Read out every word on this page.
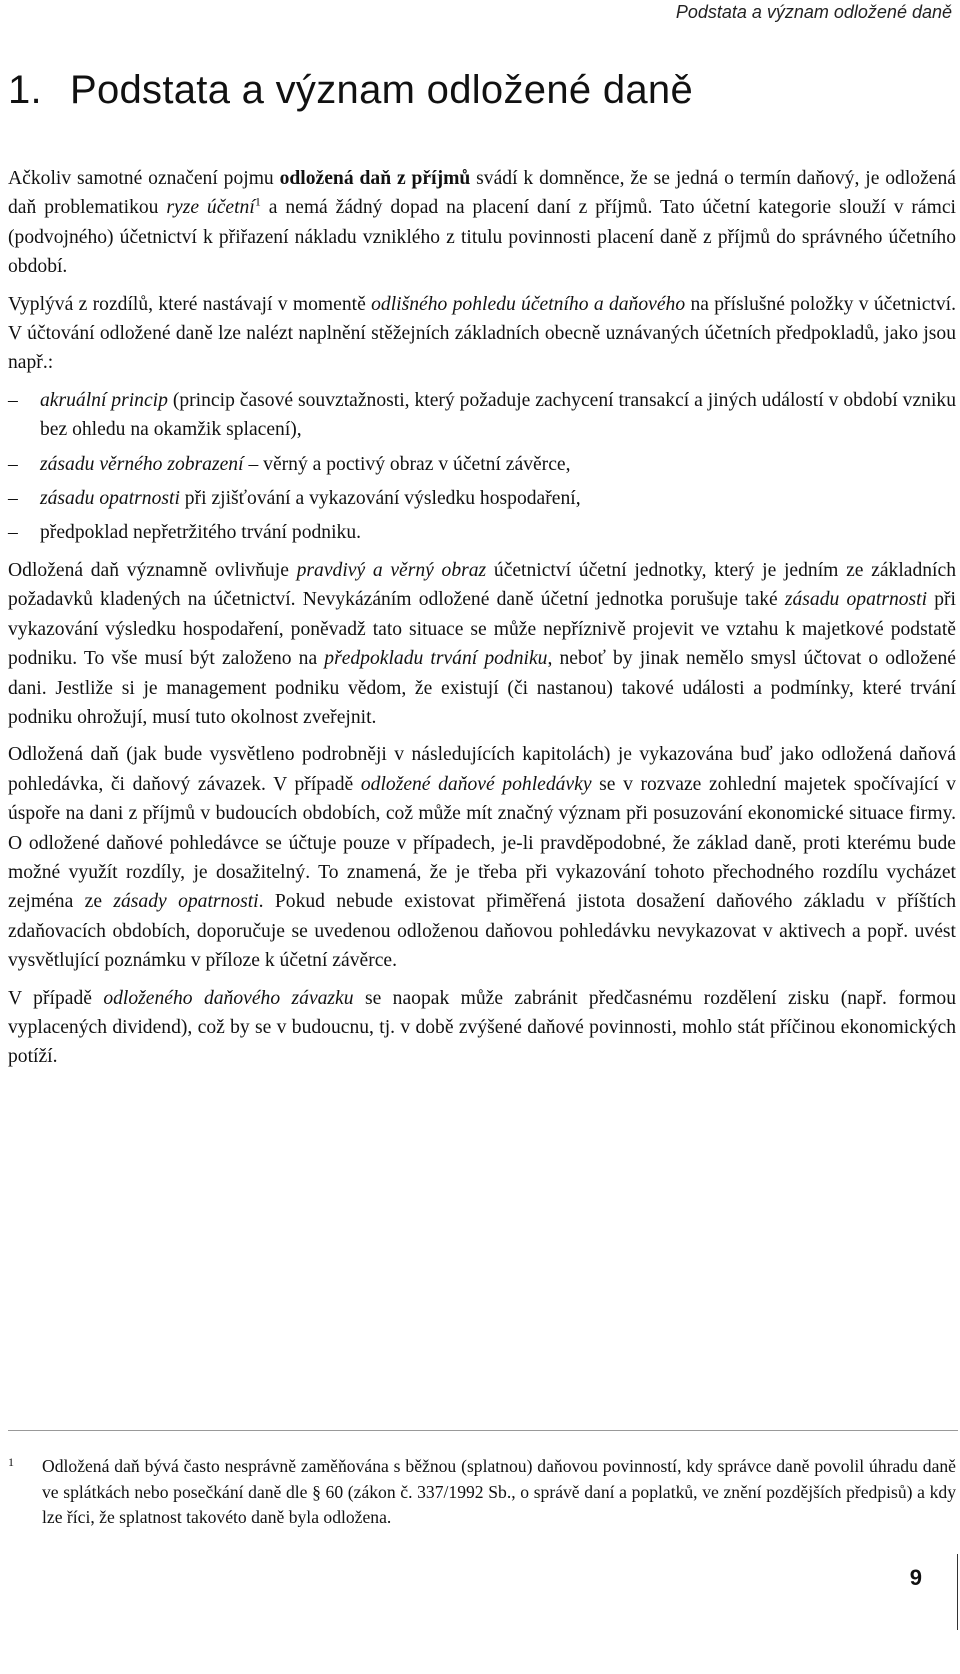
Podstata a význam odložené daně
1. Podstata a význam odložené daně

Ačkoliv samotné označení pojmu odložená daň z příjmů svádí k domněnce, že se jedná o termín daňový, je odložená daň problematikou ryze účetní$^1$ a nemá žádný dopad na placení daní z příjmů. Tato účetní kategorie slouží v rámci (podvojného) účetnictví k přiřazení nákladu vzniklého z titulu povinnosti placení daně z příjmů do správného účetního období.

Vyplývá z rozdílů, které nastávají v momentě odlišného pohledu účetního a daňového na příslušné položky v účetnictví. V účtování odložené daně lze nalézt naplnění stěžejních základních obecně uznávaných účetních předpokladů, jako jsou např.:

– akruální princip (princip časové souvztažnosti, který požaduje zachycení transakcí a jiných událostí v období vzniku bez ohledu na okamžik splacení),
– zásadu věrného zobrazení – věrný a poctivý obraz v účetní závěrce,
– zásadu opatrnosti při zjišťování a vykazování výsledku hospodaření,
– předpoklad nepřetržitého trvání podniku.

Odložená daň významně ovlivňuje pravdivý a věrný obraz účetnictví účetní jednotky, který je jedním ze základních požadavků kladených na účetnictví. Nevykázáním odložené daně účetní jednotka porušuje také zásadu opatrnosti při vykazování výsledku hospodaření, poněvadž tato situace se může nepříznivě projevit ve vztahu k majetkové podstatě podniku. To vše musí být založeno na předpokladu trvání podniku, neboť by jinak nemělo smysl účtovat o odložené dani. Jestliže si je management podniku vědom, že existují (či nastanou) takové události a podmínky, které trvání podniku ohrožují, musí tuto okolnost zveřejnit.

Odložená daň (jak bude vysvětleno podrobněji v následujících kapitolách) je vykazována buď jako odložená daňová pohledávka, či daňový závazek. V případě odložené daňové pohledávky se v rozvaze zohlední majetek spočívající v úspoře na dani z příjmů v budoucích obdobích, což může mít značný význam při posuzování ekonomické situace firmy. O odložené daňové pohledávce se účtuje pouze v případech, je-li pravděpodobné, že základ daně, proti kterému bude možné využít rozdíly, je dosažitelný. To znamená, že je třeba při vykazování tohoto přechodného rozdílu vycházet zejména ze zásady opatrnosti. Pokud nebude existovat přiměřená jistota dosažení daňového základu v příštích zdaňovacích obdobích, doporučuje se uvedenou odloženou daňovou pohledávku nevykazovat v aktivech a popř. uvést vysvětlující poznámku v příloze k účetní závěrce.

V případě odloženého daňového závazku se naopak může zabránit předčasnému rozdělení zisku (např. formou vyplacených dividend), což by se v budoucnu, tj. v době zvýšené daňové povinnosti, mohlo stát příčinou ekonomických potíží.

1 Odložená daň bývá často nesprávně zaměňována s běžnou (splatnou) daňovou povinností, kdy správce daně povolil úhradu daně ve splátkách nebo posečkání daně dle § 60 (zákon č. 337/1992 Sb., o správě daní a poplatků, ve znění pozdějších předpisů) a kdy lze říci, že splatnost takovéto daně byla odložena.
9
